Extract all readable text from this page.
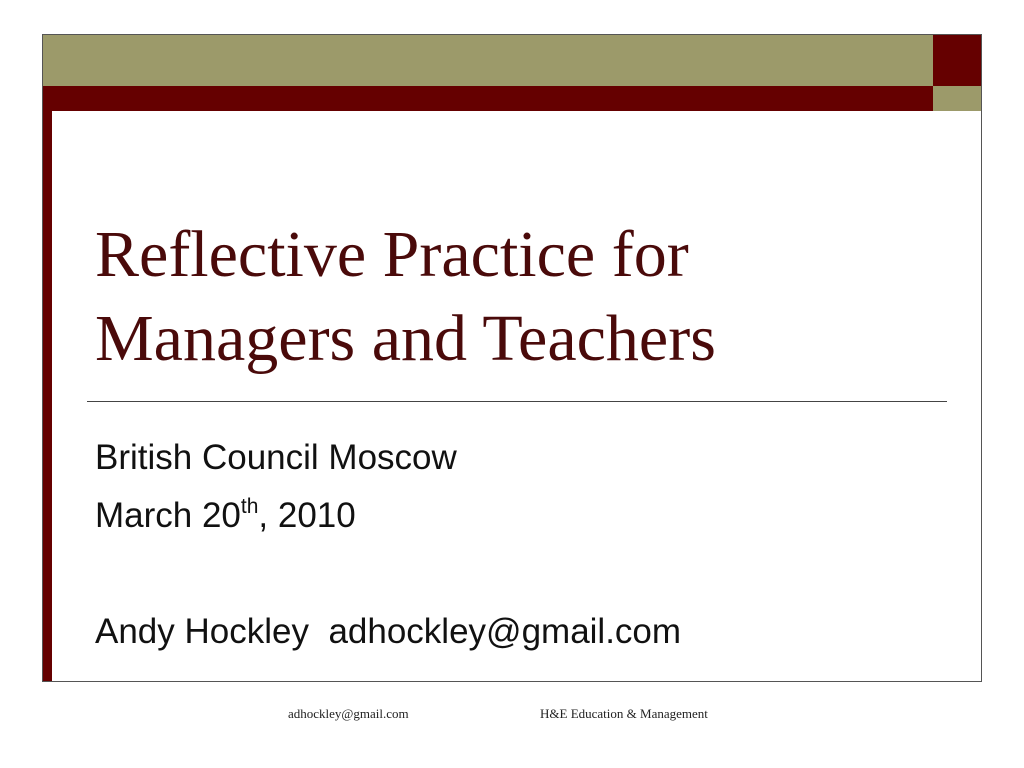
Reflective Practice for
Managers and Teachers
British Council Moscow
March 20th, 2010
Andy Hockley adhockley@gmail.com
adhockley@gmail.com	H&E Education & Management
